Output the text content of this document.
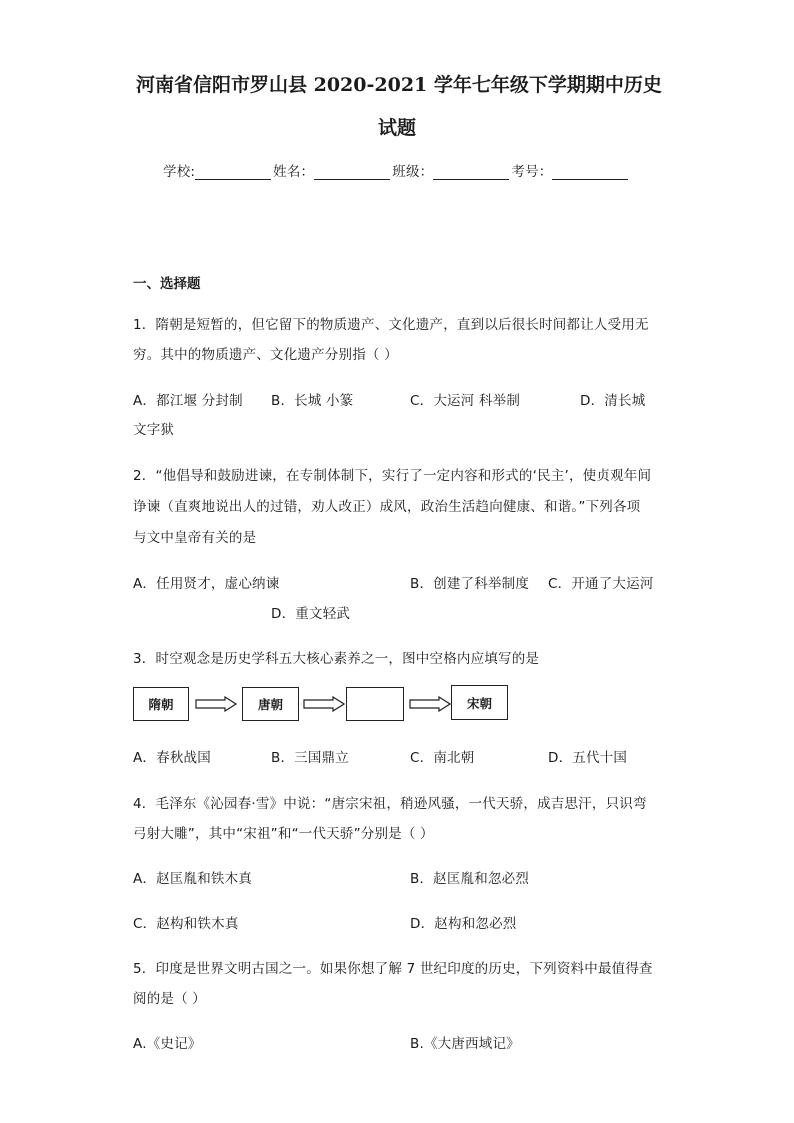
河南省信阳市罗山县 2020-2021 学年七年级下学期期中历史
试题
学校:	姓名：	班级：	考号：
一、选择题
1．隋朝是短暂的，但它留下的物质遗产、文化遗产，直到以后很长时间都让人受用无
穷。其中的物质遗产、文化遗产分别指（ ）
A．都江堰 分封制 B．长城 小篆	C．大运河 科举制	D．清长城
文字狱
2．“他倡导和鼓励进谏，在专制体制下，实行了一定内容和形式的‘民主’，使贞观年间
诤谏（直爽地说出人的过错，劝人改正）成风，政治生活趋向健康、和谐。”下列各项
与文中皇帝有关的是
A．任用贤才，虚心纳谏	B．创建了科举制度 C．开通了大运河
D．重文轻武
3．时空观念是历史学科五大核心素养之一，图中空格内应填写的是
隋朝	唐朝	宋朝
A．春秋战国	B．三国鼎立	C．南北朝	D．五代十国
4．毛泽东《沁园春·雪》中说：“唐宗宋祖，稍逊风骚，一代天骄，成吉思汗，只识弯
弓射大雕”，其中“宋祖”和“一代天骄”分别是（ ）
A．赵匡胤和铁木真	B．赵匡胤和忽必烈
C．赵构和铁木真	D．赵构和忽必烈
5．印度是世界文明古国之一。如果你想了解 7 世纪印度的历史，下列资料中最值得查
阅的是（ ）
A.《史记》	B.《大唐西域记》
